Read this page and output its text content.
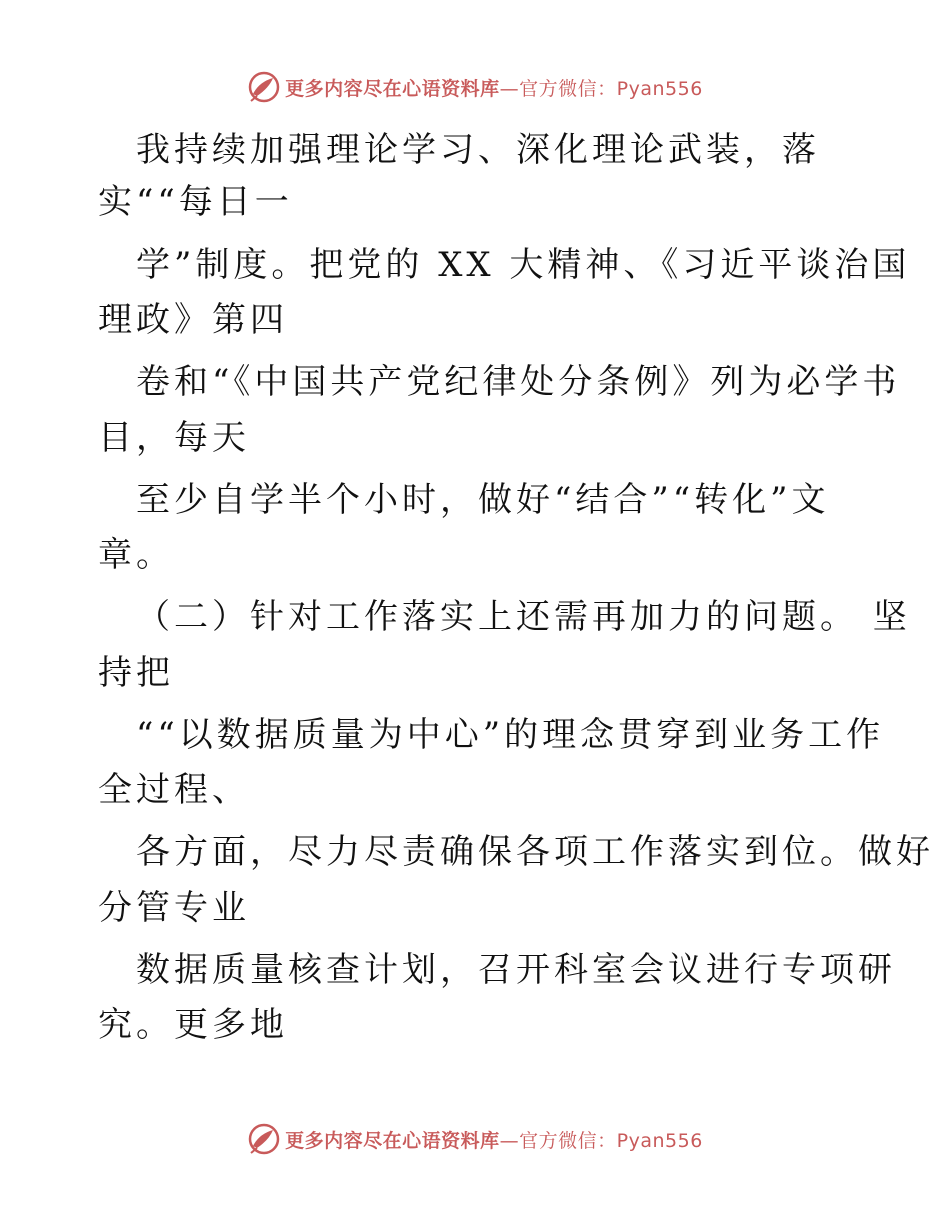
更多内容尽在心语资料库—官方微信：Pyan556
我持续加强理论学习、深化理论武装，落
实““每日一
学”制度。把党的 XX 大精神、《习近平谈治国
理政》第四
卷和“《中国共产党纪律处分条例》列为必学书
目，每天
至少自学半个小时，做好“结合”“转化”文
章。
（二）针对工作落实上还需再加力的问题。 坚
持把
““以数据质量为中心”的理念贯穿到业务工作
全过程、
各方面，尽力尽责确保各项工作落实到位。做好
分管专业
数据质量核查计划，召开科室会议进行专项研
究。更多地
更多内容尽在心语资料库—官方微信：Pyan556
